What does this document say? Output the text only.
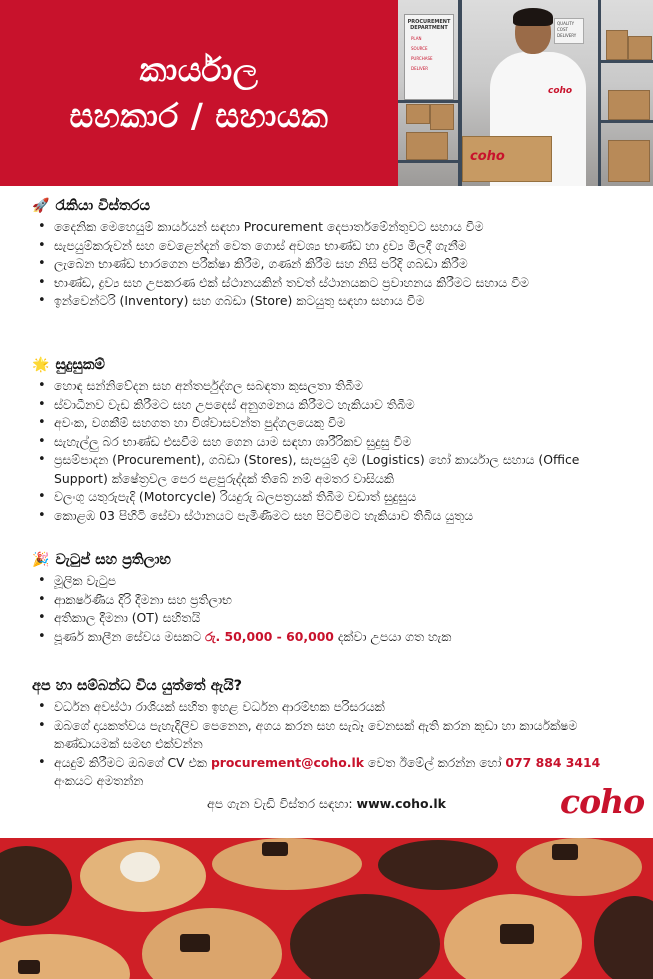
කාර්යාල
සහකාර / සහායක
PROCUREMENT DEPARTMENT
PLAN
SOURCE
PURCHASE
DELIVER
QUALITY
COST
DELIVERY
coho
coho
🚀 රැකියා විස්තරය
• දෛනික මෙහෙයුම් කාර්යයන් සඳහා Procurement දෙපාර්තමේන්තුවට සහාය වීම
• සැපයුම්කරුවන් සහ වෙළෙන්දන් වෙත ගොස් අවශ්‍ය භාණ්ඩ හා ද්‍රව්‍ය මිලදී ගැනීම
• ලැබෙන භාණ්ඩ භාරගෙන පරීක්ෂා කිරීම, ගණන් කිරීම සහ නිසි පරිදි ගබඩා කිරීම
• භාණ්ඩ, ද්‍රව්‍ය සහ උපකරණ එක් ස්ථානයකින් තවත් ස්ථානයකට ප්‍රවාහනය කිරීමට සහාය වීම
• ඉන්වෙන්ටරි (Inventory) සහ ගබඩා (Store) කටයුතු සඳහා සහාය වීම
🌟 සුදුසුකම්
• හොඳ සන්නිවේදන සහ අන්තර්පුද්ගල සබඳතා කුසලතා තිබීම
• ස්වාධීනව වැඩ කිරීමට සහ උපදෙස් අනුගමනය කිරීමට හැකියාව තිබීම
• අවංක, වගකීම් සහගත හා විශ්වාසවන්ත පුද්ගලයෙකු වීම
• සැහැල්ලු බර භාණ්ඩ එසවීම සහ ගෙන යාම සඳහා ශාරීරිකව සුදුසු වීම
• ප්‍රසම්පාදන (Procurement), ගබඩා (Stores), සැපයුම් දාම (Logistics) හෝ කාර්යාල සහාය (Office Support) ක්ෂේත්‍රවල පෙර පළපුරුද්දක් තිබේ නම් අමතර වාසියකි
• වලංගු යතුරුපැදි (Motorcycle) රියදුරු බලපත්‍රයක් තිබීම වඩාත් සුදුසුය
• කොළඹ 03 පිහිටි සේවා ස්ථානයට පැමිණීමට සහ පිටවීමට හැකියාව තිබිය යුතුය
🎉 වැටුප් සහ ප්‍රතිලාභ
• මූලික වැටුප
• ආකර්ෂණීය දිරි දීමනා සහ ප්‍රතිලාභ
• අතිකාල දීමනා (OT) සහිතයි
• පූර්ණ කාලීන සේවය මසකට රු. 50,000 - 60,000 දක්වා උපයා ගත හැක
අප හා සම්බන්ධ විය යුත්තේ ඇයි?
• වර්ධන අවස්ථා රාශියක් සහිත ඉහළ වර්ධන ආරම්භක පරිසරයක්
• ඔබගේ දායකත්වය පැහැදිලිව පෙනෙන, අගය කරන සහ සැබෑ වෙනසක් ඇති කරන කුඩා හා කාර්යක්ෂම කණ්ඩායමක් සමඟ එක්වන්න
• අයදුම් කිරීමට ඔබගේ CV එක procurement@coho.lk වෙත ඊමේල් කරන්න හෝ 077 884 3414 අංකයට අමතන්න
අප ගැන වැඩි විස්තර සඳහා: www.coho.lk	coho
